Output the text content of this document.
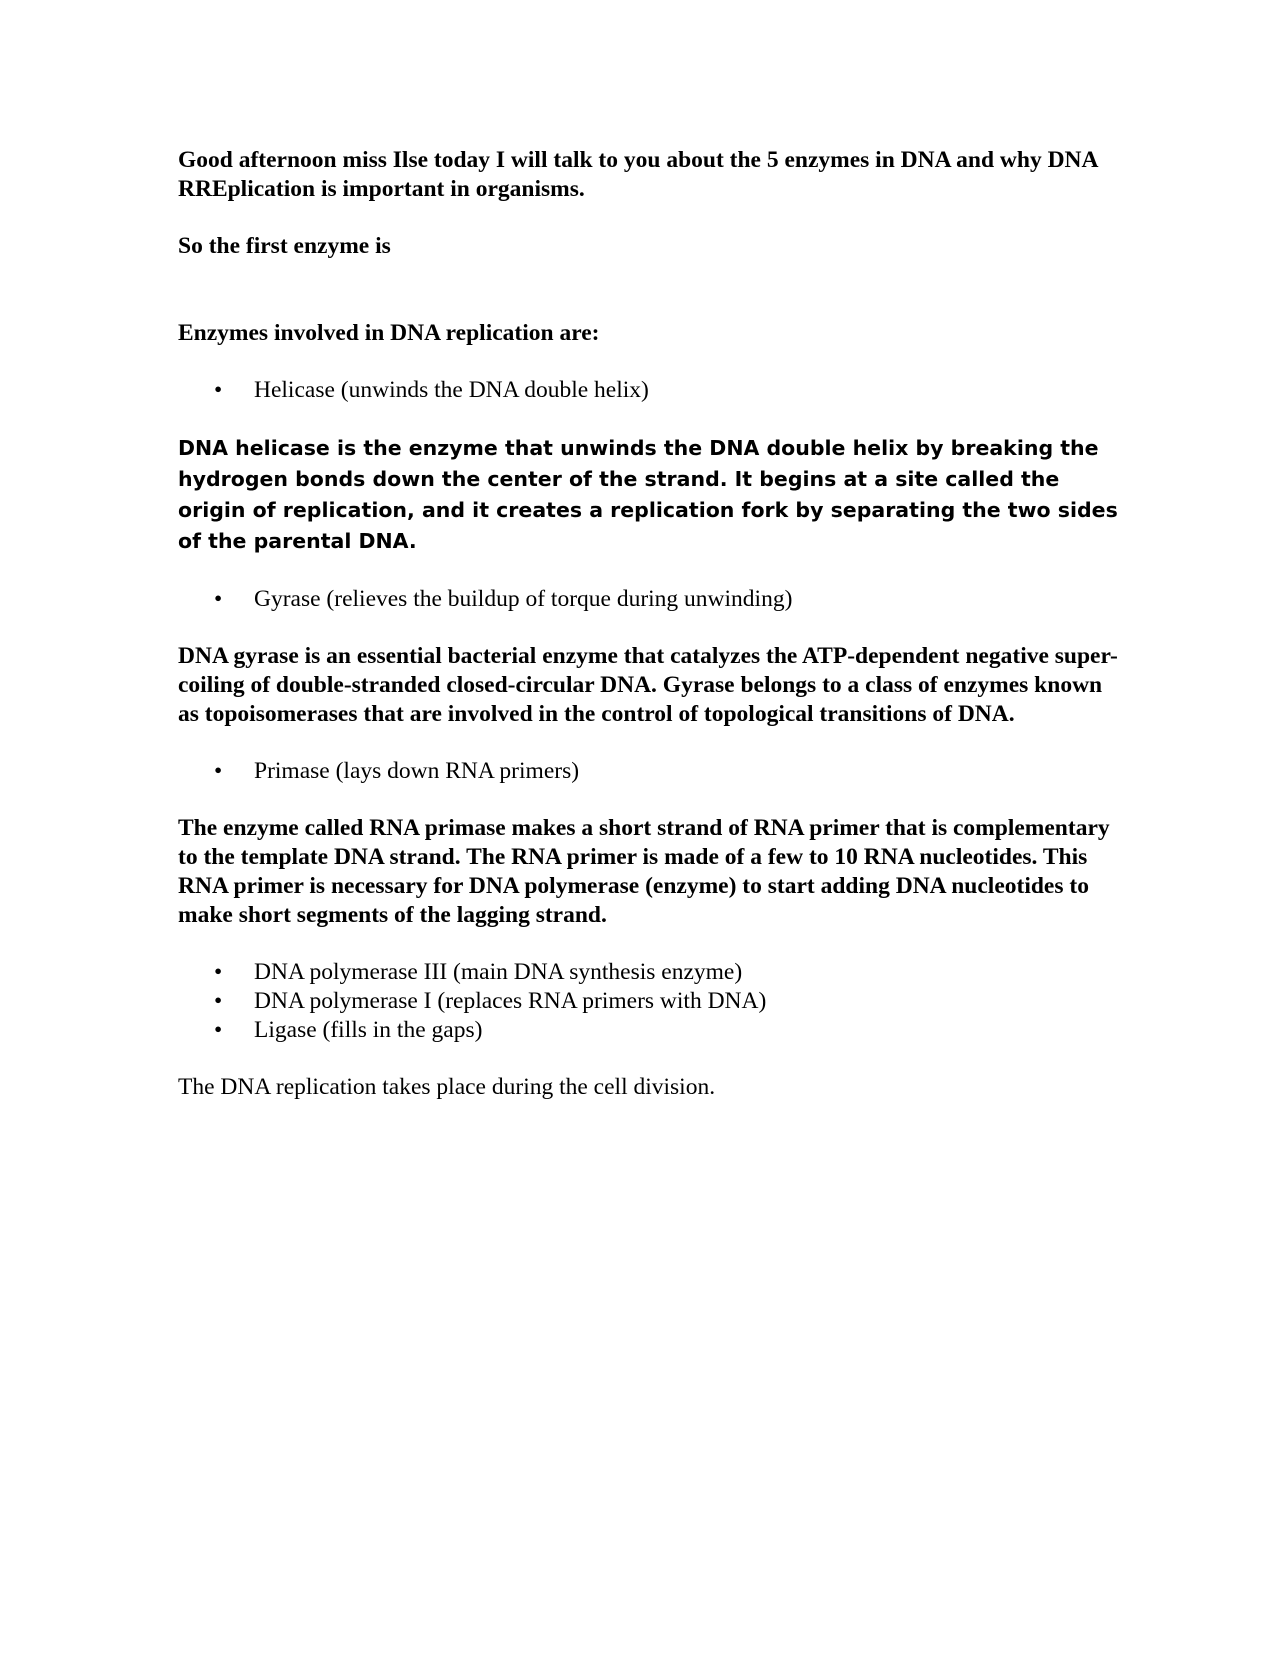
Good afternoon miss Ilse today I will talk to you about the 5 enzymes in DNA and why DNA RREplication is important in organisms.

So the first enzyme is

Enzymes involved in DNA replication are:

• Helicase (unwinds the DNA double helix)

DNA helicase is the enzyme that unwinds the DNA double helix by breaking the hydrogen bonds down the center of the strand. It begins at a site called the origin of replication, and it creates a replication fork by separating the two sides of the parental DNA.

• Gyrase (relieves the buildup of torque during unwinding)

DNA gyrase is an essential bacterial enzyme that catalyzes the ATP-dependent negative super-coiling of double-stranded closed-circular DNA. Gyrase belongs to a class of enzymes known as topoisomerases that are involved in the control of topological transitions of DNA.

• Primase (lays down RNA primers)

The enzyme called RNA primase makes a short strand of RNA primer that is complementary to the template DNA strand. The RNA primer is made of a few to 10 RNA nucleotides. This RNA primer is necessary for DNA polymerase (enzyme) to start adding DNA nucleotides to make short segments of the lagging strand.

• DNA polymerase III (main DNA synthesis enzyme)
• DNA polymerase I (replaces RNA primers with DNA)
• Ligase (fills in the gaps)

The DNA replication takes place during the cell division.
